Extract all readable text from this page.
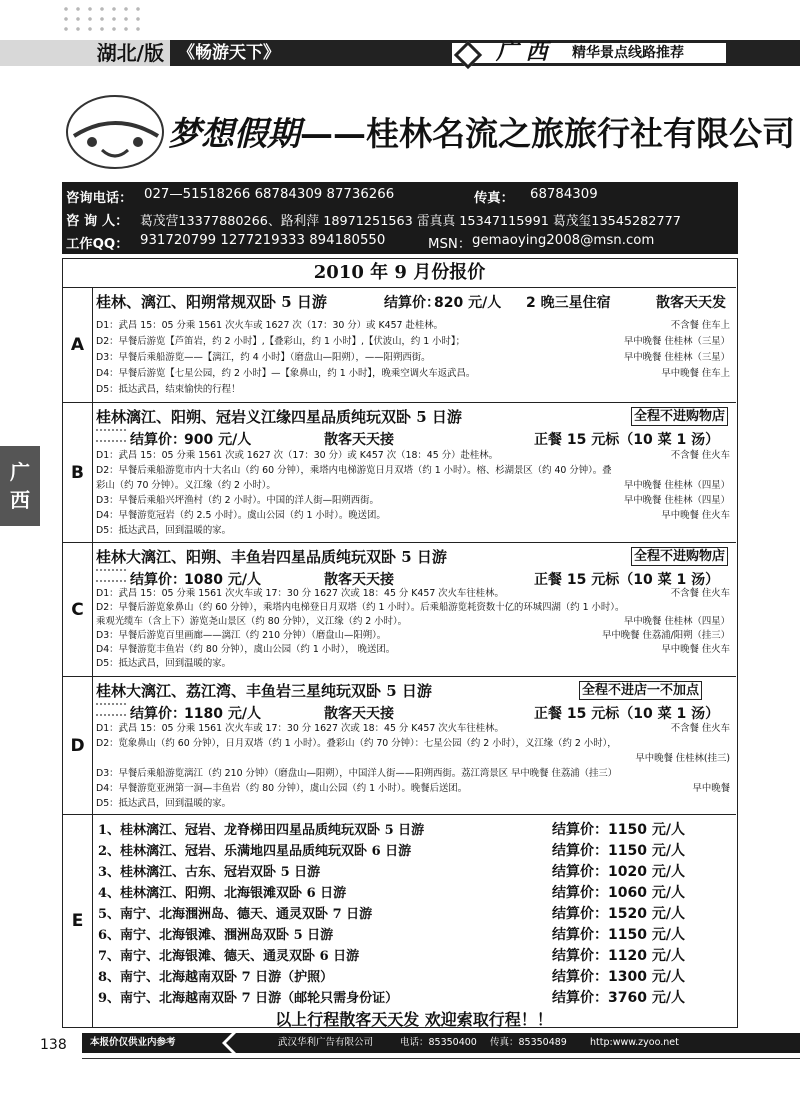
湖北/版 《畅游天下》	广 西 精华景点线路推荐
梦想假期——桂林名流之旅旅行社有限公司
咨询电话： 027—51518266 68784309 87736266	传真： 68784309
咨 询 人： 葛茂营13377880266、路利萍 18971251563 雷真真 15347115991 葛茂玺13545282777
工作QQ： 931720799 1277219333 894180550	MSN： gemaoying2008@msn.com
2010 年 9 月份报价
A
桂林、漓江、阳朔常规双卧 5 日游	结算价：
820 元/人 2 晚三星住宿	散客天天发
D1：武昌 15：05 分乘 1561 次火车或 1627 次（17：30 分）或 K457 赴桂林。	不含餐 住车上
D2：早餐后游览【芦笛岩，约 2 小时】,【叠彩山，约 1 小时】,【伏波山，约 1 小时】；	早中晚餐 住桂林（三星）
D3：早餐后乘船游览——【漓江，约 4 小时】（磨盘山—阳朔），——阳朔西街。	早中晚餐 住桂林（三星）
D4：早餐后游览【七星公园，约 2 小时】—【象鼻山，约 1 小时】，晚乘空调火车返武昌。	早中晚餐 住车上
D5：抵达武昌，结束愉快的行程！
B
桂林漓江、阳朔、冠岩义江缘四星品质纯玩双卧 5 日游	全程不进购物店
结算价：
900 元/人	散客天天接	正餐 15 元标（10 菜 1 汤）
D1：武昌 15：05 分乘 1561 次或 1627 次（17：30 分）或 K457 次（18：45 分）赴桂林。	不含餐 住火车
D2：早餐后乘船游览市内十大名山（约 60 分钟），乘塔内电梯游览日月双塔（约 1 小时）。榕、杉湖景区（约 40 分钟）。叠
彩山（约 70 分钟）。义江缘（约 2 小时）。	早中晚餐 住桂林（四星）
D3：早餐后乘船兴坪渔村（约 2 小时）。中国的洋人街—阳朔西街。	早中晚餐 住桂林（四星）
D4：早餐游览冠岩（约 2.5 小时）。虞山公园（约 1 小时）。晚送团。	早中晚餐 住火车
D5：抵达武昌，回到温暖的家。
C
桂林大漓江、阳朔、丰鱼岩四星品质纯玩双卧 5 日游	全程不进购物店
结算价：
1080 元/人	散客天天接	正餐 15 元标（10 菜 1 汤）
D1：武昌 15：05 分乘 1561 次火车或 17：30 分 1627 次或 18：45 分 K457 次火车往桂林。	不含餐 住火车
D2：早餐后游览象鼻山（约 60 分钟），乘塔内电梯登日月双塔（约 1 小时）。后乘船游览耗资数十亿的环城四湖（约 1 小时）。
乘观光缆车（含上下）游览尧山景区（约 80 分钟），义江缘（约 2 小时）。	早中晚餐 住桂林（四星）
D3：早餐后游览百里画廊——漓江（约 210 分钟）（磨盘山—阳朔）。	早中晚餐 住荔浦/阳朔（挂三）
D4：早餐游览丰鱼岩（约 80 分钟），虞山公园（约 1 小时）， 晚送团。	早中晚餐 住火车
D5：抵达武昌，回到温暖的家。
D
桂林大漓江、荔江湾、丰鱼岩三星纯玩双卧 5 日游	全程不进店一不加点
结算价：
1180 元/人	散客天天接	正餐 15 元标（10 菜 1 汤）
D1：武昌 15：05 分乘 1561 次火车或 17：30 分 1627 次或 18：45 分 K457 次火车往桂林。	不含餐 住火车
D2：览象鼻山（约 60 分钟），日月双塔（约 1 小时）。叠彩山（约 70 分钟）：七星公园（约 2 小时），义江缘（约 2 小时），
早中晚餐 住桂林(挂三)
D3：早餐后乘船游览漓江（约 210 分钟）（磨盘山—阳朔），中国洋人街——阳朔西街。荔江湾景区 早中晚餐 住荔浦（挂三）
D4：早餐游览亚洲第一洞—丰鱼岩（约 80 分钟），虞山公园（约 1 小时）。晚餐后送团。	早中晚餐
D5：抵达武昌，回到温暖的家。
E
1、桂林漓江、冠岩、龙脊梯田四星品质纯玩双卧 5 日游	结算价：1150 元/人
2、桂林漓江、冠岩、乐满地四星品质纯玩双卧 6 日游	结算价：1150 元/人
3、桂林漓江、古东、冠岩双卧 5 日游	结算价：1020 元/人
4、桂林漓江、阳朔、北海银滩双卧 6 日游	结算价：1060 元/人
5、南宁、北海涠洲岛、德天、通灵双卧 7 日游	结算价：1520 元/人
6、南宁、北海银滩、涠洲岛双卧 5 日游	结算价：1150 元/人
7、南宁、北海银滩、德天、通灵双卧 6 日游	结算价：1120 元/人
8、南宁、北海越南双卧 7 日游（护照）	结算价：1300 元/人
9、南宁、北海越南双卧 7 日游（邮轮只需身份证）	结算价：3760 元/人
以上行程散客天天发 欢迎索取行程！！
广 西
138 本报价仅供业内参考	武汉华利广告有限公司	电话：85350400 传真：85350489 http:www.zyoo.net
